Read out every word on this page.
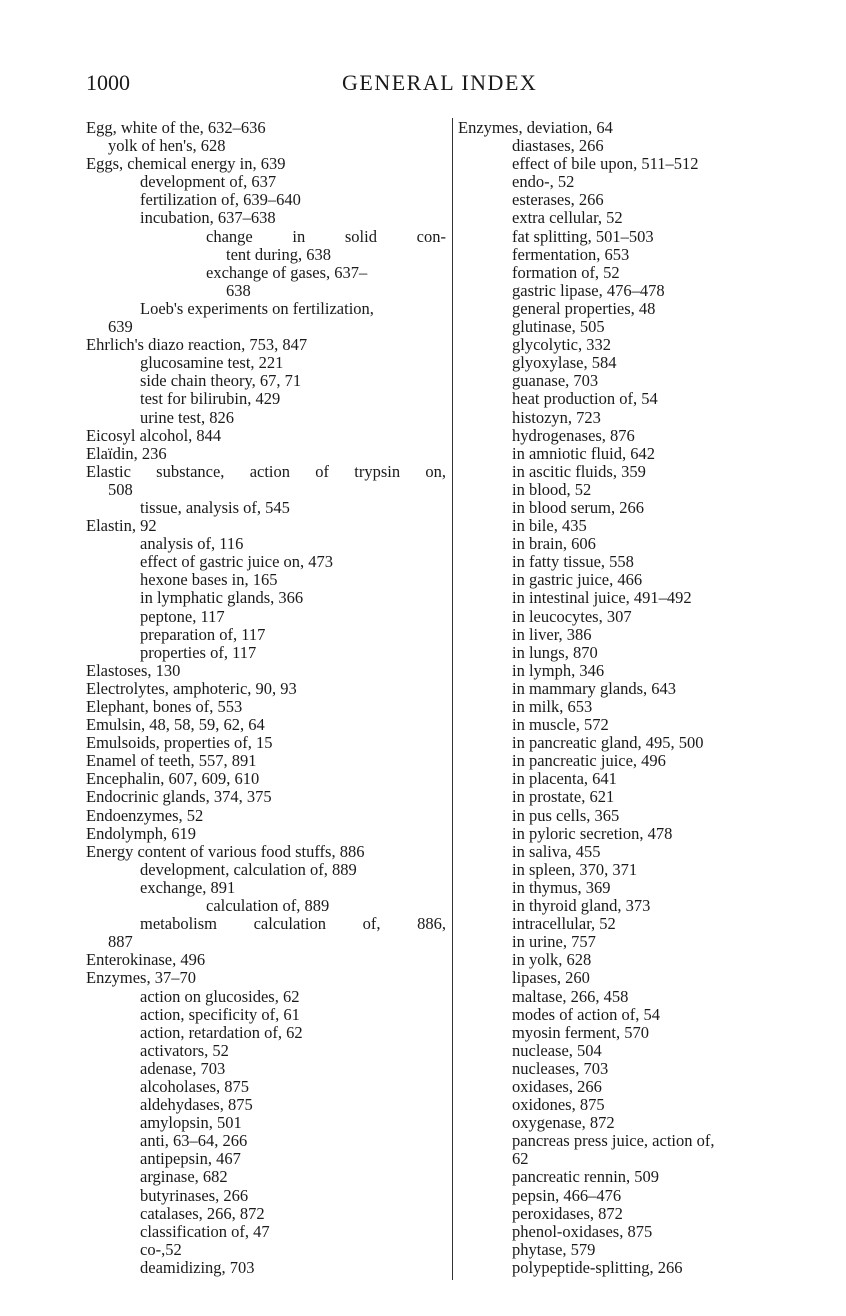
1000	GENERAL INDEX
Egg, white of the, 632–636
yolk of hen's, 628
Eggs, chemical energy in, 639
development of, 637
fertilization of, 639–640
incubation, 637–638
change in solid con-
tent during, 638
exchange of gases, 637–
638
Loeb's experiments on fertilization,
639
Ehrlich's diazo reaction, 753, 847
glucosamine test, 221
side chain theory, 67, 71
test for bilirubin, 429
urine test, 826
Eicosyl alcohol, 844
Elaïdin, 236
Elastic substance, action of trypsin on,
508
tissue, analysis of, 545
Elastin, 92
analysis of, 116
effect of gastric juice on, 473
hexone bases in, 165
in lymphatic glands, 366
peptone, 117
preparation of, 117
properties of, 117
Elastoses, 130
Electrolytes, amphoteric, 90, 93
Elephant, bones of, 553
Emulsin, 48, 58, 59, 62, 64
Emulsoids, properties of, 15
Enamel of teeth, 557, 891
Encephalin, 607, 609, 610
Endocrinic glands, 374, 375
Endoenzymes, 52
Endolymph, 619
Energy content of various food stuffs, 886
development, calculation of, 889
exchange, 891
calculation of, 889
metabolism calculation of, 886,
887
Enterokinase, 496
Enzymes, 37–70
action on glucosides, 62
action, specificity of, 61
action, retardation of, 62
activators, 52
adenase, 703
alcoholases, 875
aldehydases, 875
amylopsin, 501
anti, 63–64, 266
antipepsin, 467
arginase, 682
butyrinases, 266
catalases, 266, 872
classification of, 47
co-,52
deamidizing, 703
Enzymes, deviation, 64
diastases, 266
effect of bile upon, 511–512
endo-, 52
esterases, 266
extra cellular, 52
fat splitting, 501–503
fermentation, 653
formation of, 52
gastric lipase, 476–478
general properties, 48
glutinase, 505
glycolytic, 332
glyoxylase, 584
guanase, 703
heat production of, 54
histozyn, 723
hydrogenases, 876
in amniotic fluid, 642
in ascitic fluids, 359
in blood, 52
in blood serum, 266
in bile, 435
in brain, 606
in fatty tissue, 558
in gastric juice, 466
in intestinal juice, 491–492
in leucocytes, 307
in liver, 386
in lungs, 870
in lymph, 346
in mammary glands, 643
in milk, 653
in muscle, 572
in pancreatic gland, 495, 500
in pancreatic juice, 496
in placenta, 641
in prostate, 621
in pus cells, 365
in pyloric secretion, 478
in saliva, 455
in spleen, 370, 371
in thymus, 369
in thyroid gland, 373
intracellular, 52
in urine, 757
in yolk, 628
lipases, 260
maltase, 266, 458
modes of action of, 54
myosin ferment, 570
nuclease, 504
nucleases, 703
oxidases, 266
oxidones, 875
oxygenase, 872
pancreas press juice, action of,
62
pancreatic rennin, 509
pepsin, 466–476
peroxidases, 872
phenol-oxidases, 875
phytase, 579
polypeptide-splitting, 266
